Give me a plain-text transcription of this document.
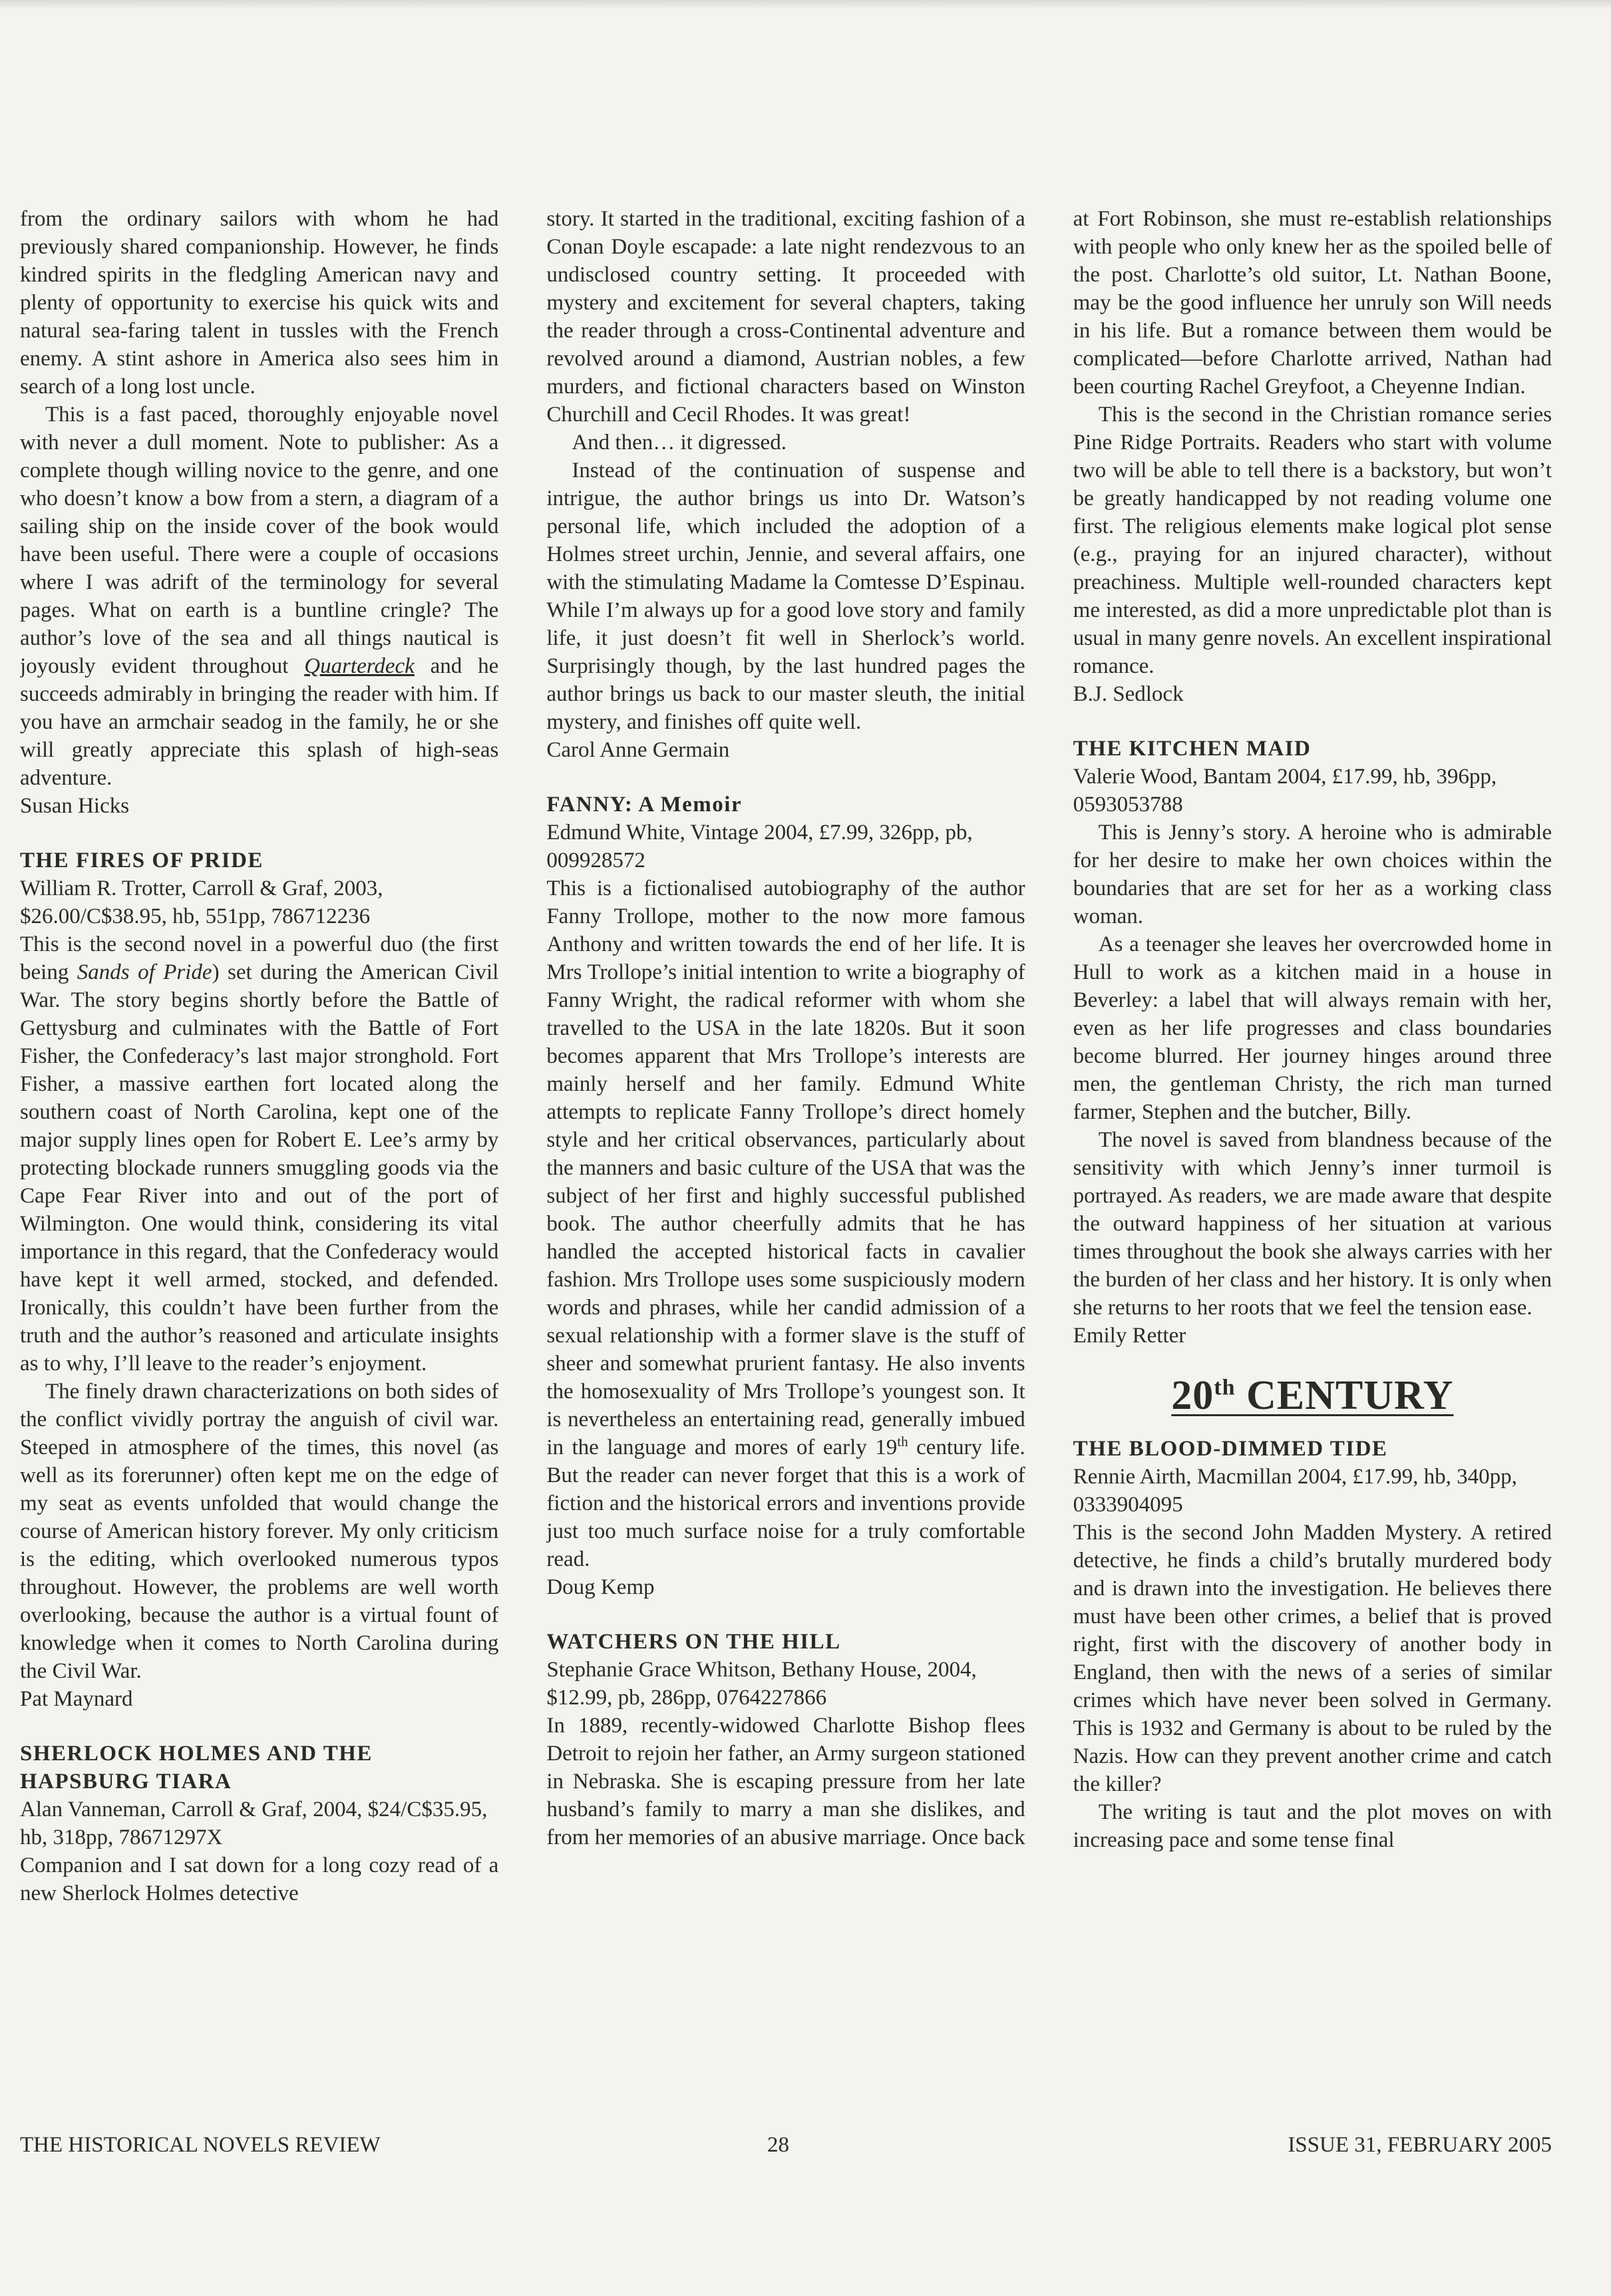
from the ordinary sailors with whom he had previously shared companionship. However, he finds kindred spirits in the fledgling American navy and plenty of opportunity to exercise his quick wits and natural sea-faring talent in tussles with the French enemy. A stint ashore in America also sees him in search of a long lost uncle.

This is a fast paced, thoroughly enjoyable novel with never a dull moment. Note to publisher: As a complete though willing novice to the genre, and one who doesn’t know a bow from a stern, a diagram of a sailing ship on the inside cover of the book would have been useful. There were a couple of occasions where I was adrift of the terminology for several pages. What on earth is a buntline cringle? The author’s love of the sea and all things nautical is joyously evident throughout Quarterdeck and he succeeds admirably in bringing the reader with him. If you have an armchair seadog in the family, he or she will greatly appreciate this splash of high-seas adventure.

Susan Hicks

THE FIRES OF PRIDE

William R. Trotter, Carroll & Graf, 2003, $26.00/C$38.95, hb, 551pp, 786712236

This is the second novel in a powerful duo (the first being Sands of Pride) set during the American Civil War. The story begins shortly before the Battle of Gettysburg and culminates with the Battle of Fort Fisher, the Confederacy’s last major stronghold. Fort Fisher, a massive earthen fort located along the southern coast of North Carolina, kept one of the major supply lines open for Robert E. Lee’s army by protecting blockade runners smuggling goods via the Cape Fear River into and out of the port of Wilmington. One would think, considering its vital importance in this regard, that the Confederacy would have kept it well armed, stocked, and defended. Ironically, this couldn’t have been further from the truth and the author’s reasoned and articulate insights as to why, I’ll leave to the reader’s enjoyment.

The finely drawn characterizations on both sides of the conflict vividly portray the anguish of civil war. Steeped in atmosphere of the times, this novel (as well as its forerunner) often kept me on the edge of my seat as events unfolded that would change the course of American history forever. My only criticism is the editing, which overlooked numerous typos throughout. However, the problems are well worth overlooking, because the author is a virtual fount of knowledge when it comes to North Carolina during the Civil War.

Pat Maynard

SHERLOCK HOLMES AND THE HAPSBURG TIARA

Alan Vanneman, Carroll & Graf, 2004, $24/C$35.95, hb, 318pp, 78671297X

Companion and I sat down for a long cozy read of a new Sherlock Holmes detective

story. It started in the traditional, exciting fashion of a Conan Doyle escapade: a late night rendezvous to an undisclosed country setting. It proceeded with mystery and excitement for several chapters, taking the reader through a cross-Continental adventure and revolved around a diamond, Austrian nobles, a few murders, and fictional characters based on Winston Churchill and Cecil Rhodes. It was great!

And then… it digressed.

Instead of the continuation of suspense and intrigue, the author brings us into Dr. Watson’s personal life, which included the adoption of a Holmes street urchin, Jennie, and several affairs, one with the stimulating Madame la Comtesse D’Espinau. While I’m always up for a good love story and family life, it just doesn’t fit well in Sherlock’s world. Surprisingly though, by the last hundred pages the author brings us back to our master sleuth, the initial mystery, and finishes off quite well.

Carol Anne Germain

FANNY: A Memoir

Edmund White, Vintage 2004, £7.99, 326pp, pb, 009928572

This is a fictionalised autobiography of the author Fanny Trollope, mother to the now more famous Anthony and written towards the end of her life. It is Mrs Trollope’s initial intention to write a biography of Fanny Wright, the radical reformer with whom she travelled to the USA in the late 1820s. But it soon becomes apparent that Mrs Trollope’s interests are mainly herself and her family. Edmund White attempts to replicate Fanny Trollope’s direct homely style and her critical observances, particularly about the manners and basic culture of the USA that was the subject of her first and highly successful published book. The author cheerfully admits that he has handled the accepted historical facts in cavalier fashion. Mrs Trollope uses some suspiciously modern words and phrases, while her candid admission of a sexual relationship with a former slave is the stuff of sheer and somewhat prurient fantasy. He also invents the homosexuality of Mrs Trollope’s youngest son. It is nevertheless an entertaining read, generally imbued in the language and mores of early 19th century life. But the reader can never forget that this is a work of fiction and the historical errors and inventions provide just too much surface noise for a truly comfortable read.

Doug Kemp

WATCHERS ON THE HILL

Stephanie Grace Whitson, Bethany House, 2004, $12.99, pb, 286pp, 0764227866

In 1889, recently-widowed Charlotte Bishop flees Detroit to rejoin her father, an Army surgeon stationed in Nebraska. She is escaping pressure from her late husband’s family to marry a man she dislikes, and from her memories of an abusive marriage. Once back

at Fort Robinson, she must re-establish relationships with people who only knew her as the spoiled belle of the post. Charlotte’s old suitor, Lt. Nathan Boone, may be the good influence her unruly son Will needs in his life. But a romance between them would be complicated—before Charlotte arrived, Nathan had been courting Rachel Greyfoot, a Cheyenne Indian.

This is the second in the Christian romance series Pine Ridge Portraits. Readers who start with volume two will be able to tell there is a backstory, but won’t be greatly handicapped by not reading volume one first. The religious elements make logical plot sense (e.g., praying for an injured character), without preachiness. Multiple well-rounded characters kept me interested, as did a more unpredictable plot than is usual in many genre novels. An excellent inspirational romance.

B.J. Sedlock

THE KITCHEN MAID

Valerie Wood, Bantam 2004, £17.99, hb, 396pp, 0593053788

This is Jenny’s story. A heroine who is admirable for her desire to make her own choices within the boundaries that are set for her as a working class woman.

As a teenager she leaves her overcrowded home in Hull to work as a kitchen maid in a house in Beverley: a label that will always remain with her, even as her life progresses and class boundaries become blurred. Her journey hinges around three men, the gentleman Christy, the rich man turned farmer, Stephen and the butcher, Billy.

The novel is saved from blandness because of the sensitivity with which Jenny’s inner turmoil is portrayed. As readers, we are made aware that despite the outward happiness of her situation at various times throughout the book she always carries with her the burden of her class and her history. It is only when she returns to her roots that we feel the tension ease.

Emily Retter

20th CENTURY
THE BLOOD-DIMMED TIDE

Rennie Airth, Macmillan 2004, £17.99, hb, 340pp, 0333904095

This is the second John Madden Mystery. A retired detective, he finds a child’s brutally murdered body and is drawn into the investigation. He believes there must have been other crimes, a belief that is proved right, first with the discovery of another body in England, then with the news of a series of similar crimes which have never been solved in Germany. This is 1932 and Germany is about to be ruled by the Nazis. How can they prevent another crime and catch the killer?

The writing is taut and the plot moves on with increasing pace and some tense final

THE HISTORICAL NOVELS REVIEW	28	ISSUE 31, FEBRUARY 2005
